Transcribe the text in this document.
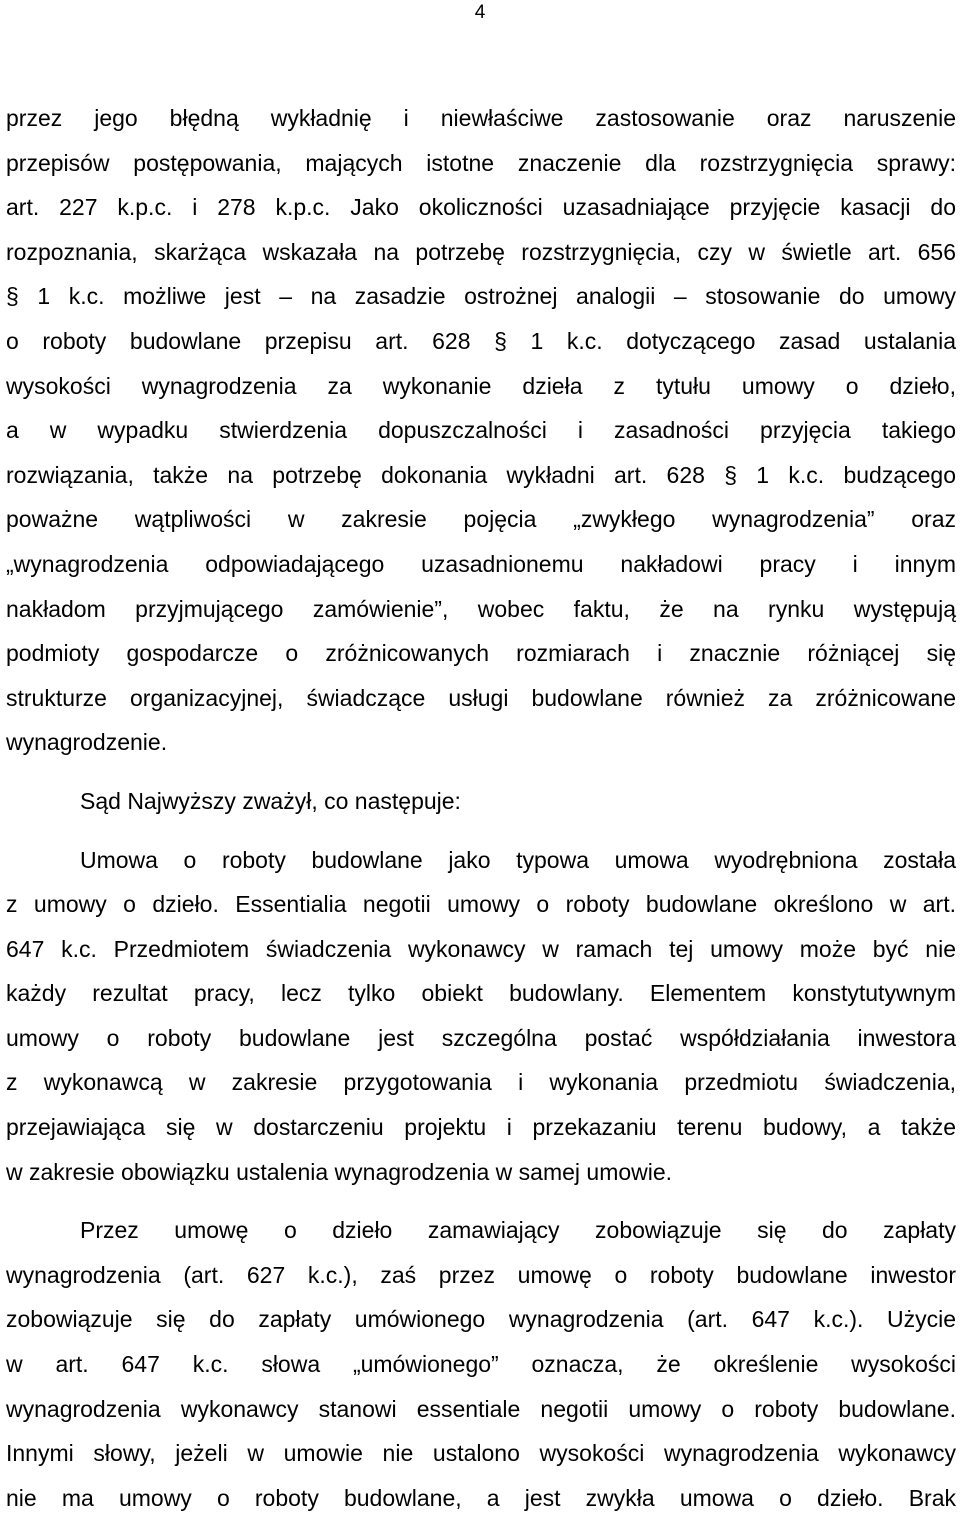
4
przez jego błędną wykładnię i niewłaściwe zastosowanie oraz naruszenie
przepisów postępowania, mających istotne znaczenie dla rozstrzygnięcia sprawy:
art. 227 k.p.c. i 278 k.p.c. Jako okoliczności uzasadniające przyjęcie kasacji do
rozpoznania, skarżąca wskazała na potrzebę rozstrzygnięcia, czy w świetle art. 656
§ 1 k.c. możliwe jest – na zasadzie ostrożnej analogii – stosowanie do umowy
o roboty budowlane przepisu art. 628 § 1 k.c. dotyczącego zasad ustalania
wysokości wynagrodzenia za wykonanie dzieła z tytułu umowy o dzieło,
a w wypadku stwierdzenia dopuszczalności i zasadności przyjęcia takiego
rozwiązania, także na potrzebę dokonania wykładni art. 628 § 1 k.c. budzącego
poważne wątpliwości w zakresie pojęcia „zwykłego wynagrodzenia” oraz
„wynagrodzenia odpowiadającego uzasadnionemu nakładowi pracy i innym
nakładom przyjmującego zamówienie”, wobec faktu, że na rynku występują
podmioty gospodarcze o zróżnicowanych rozmiarach i znacznie różniącej się
strukturze organizacyjnej, świadczące usługi budowlane również za zróżnicowane
wynagrodzenie.
Sąd Najwyższy zważył, co następuje:
Umowa o roboty budowlane jako typowa umowa wyodrębniona została
z umowy o dzieło. Essentialia negotii umowy o roboty budowlane określono w art.
647 k.c. Przedmiotem świadczenia wykonawcy w ramach tej umowy może być nie
każdy rezultat pracy, lecz tylko obiekt budowlany. Elementem konstytutywnym
umowy o roboty budowlane jest szczególna postać współdziałania inwestora
z wykonawcą w zakresie przygotowania i wykonania przedmiotu świadczenia,
przejawiająca się w dostarczeniu projektu i przekazaniu terenu budowy, a także
w zakresie obowiązku ustalenia wynagrodzenia w samej umowie.
Przez umowę o dzieło zamawiający zobowiązuje się do zapłaty
wynagrodzenia (art. 627 k.c.), zaś przez umowę o roboty budowlane inwestor
zobowiązuje się do zapłaty umówionego wynagrodzenia (art. 647 k.c.). Użycie
w art. 647 k.c. słowa „umówionego” oznacza, że określenie wysokości
wynagrodzenia wykonawcy stanowi essentiale negotii umowy o roboty budowlane.
Innymi słowy, jeżeli w umowie nie ustalono wysokości wynagrodzenia wykonawcy
nie ma umowy o roboty budowlane, a jest zwykła umowa o dzieło. Brak
